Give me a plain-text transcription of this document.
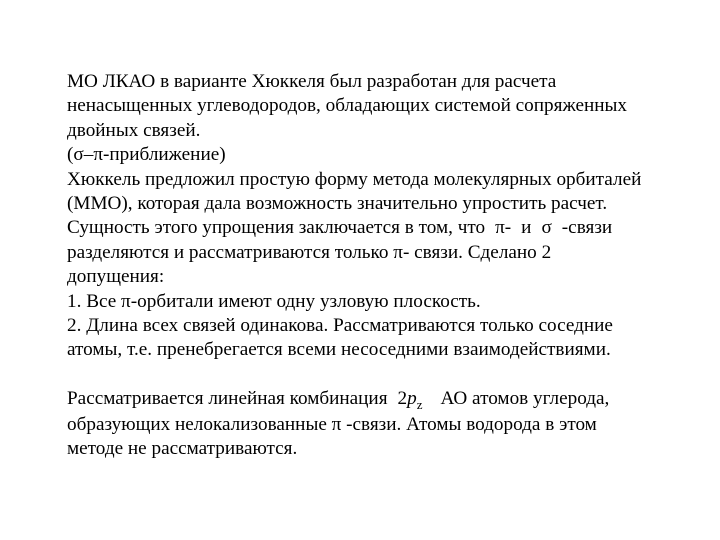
МО ЛКАО в варианте Хюккеля был разработан для расчета
ненасыщенных углеводородов, обладающих системой сопряженных
двойных связей.
(σ–π-приближение)
Хюккель предложил простую форму метода молекулярных орбиталей
(ММО), которая дала возможность значительно упростить расчет.
Сущность этого упрощения заключается в том, что π- и σ -связи
разделяются и рассматриваются только π- связи. Сделано 2
допущения:
1. Все π-орбитали имеют одну узловую плоскость.
2. Длина всех связей одинакова. Рассматриваются только соседние
атомы, т.е. пренебрегается всеми несоседними взаимодействиями.
Рассматривается линейная комбинация $2p_z$ АО атомов углерода,
образующих нелокализованные π -связи. Атомы водорода в этом
методе не рассматриваются.
